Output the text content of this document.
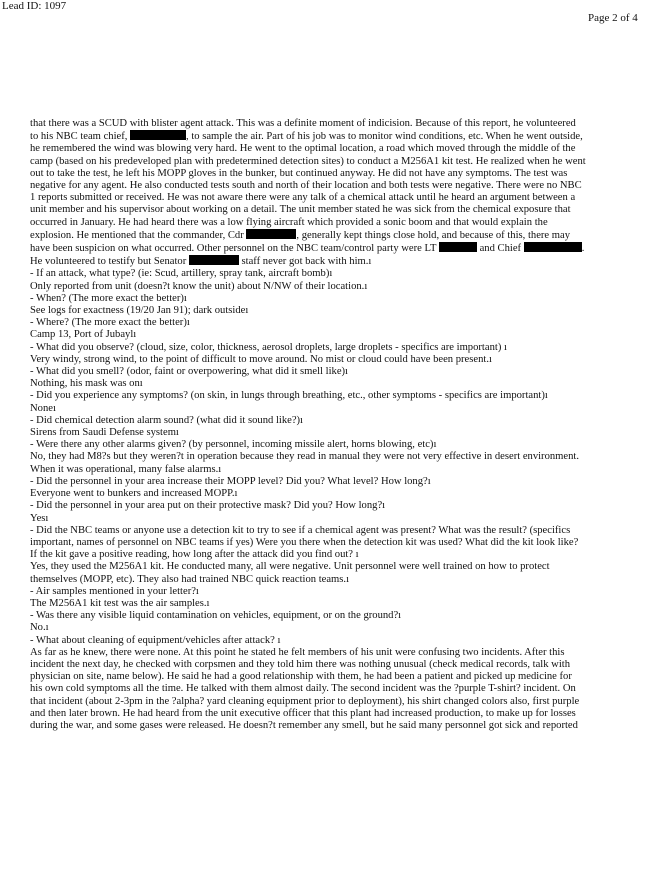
Lead ID: 1097
Page 2 of 4

that there was a SCUD with blister agent attack. This was a definite moment of indicision. Because of this report, he volunteered to his NBC team chief,	, to sample the air. Part of his job was to monitor wind conditions, etc. When he went outside, he remembered the wind was blowing very hard. He went to the optimal location, a road which moved through the middle of the camp (based on his predeveloped plan with predetermined detection sites) to conduct a M256A1 kit test. He realized when he went out to take the test, he left his MOPP gloves in the bunker, but continued anyway. He did not have any symptoms. The test was negative for any agent. He also conducted tests south and north of their location and both tests were negative. There were no NBC 1 reports submitted or received. He was not aware there were any talk of a chemical attack until he heard an argument between a unit member and his supervisor about working on a detail. The unit member stated he was sick from the chemical exposure that occurred in January. He had heard there was a low flying aircraft which provided a sonic boom and that would explain the explosion. He mentioned that the commander, Cdr	, generally kept things close hold, and because of this, there may have been suspicion on what occurred. Other personnel on the NBC team/control party were LT	and Chief	. He volunteered to testify but Senator	staff never got back with him.ı

- If an attack, what type? (ie: Scud, artillery, spray tank, aircraft bomb)ı

Only reported from unit (doesn?t know the unit) about N/NW of their location.ı

- When? (The more exact the better)ı

See logs for exactness (19/20 Jan 91); dark outsideı

- Where? (The more exact the better)ı

Camp 13, Port of Jubaylı

- What did you observe? (cloud, size, color, thickness, aerosol droplets, large droplets - specifics are important) ı

Very windy, strong wind, to the point of difficult to move around. No mist or cloud could have been present.ı

- What did you smell? (odor, faint or overpowering, what did it smell like)ı

Nothing, his mask was onı

- Did you experience any symptoms? (on skin, in lungs through breathing, etc., other symptoms - specifics are important)ı

Noneı

- Did chemical detection alarm sound? (what did it sound like?)ı

Sirens from Saudi Defense systemı

- Were there any other alarms given? (by personnel, incoming missile alert, horns blowing, etc)ı

No, they had M8?s but they weren?t in operation because they read in manual they were not very effective in desert environment. When it was operational, many false alarms.ı

- Did the personnel in your area increase their MOPP level? Did you? What level? How long?ı

Everyone went to bunkers and increased MOPP.ı

- Did the personnel in your area put on their protective mask? Did you? How long?ı

Yesı

- Did the NBC teams or anyone use a detection kit to try to see if a chemical agent was present? What was the result? (specifics important, names of personnel on NBC teams if yes) Were you there when the detection kit was used? What did the kit look like? If the kit gave a positive reading, how long after the attack did you find out? ı

Yes, they used the M256A1 kit. He conducted many, all were negative. Unit personnel were well trained on how to protect themselves (MOPP, etc). They also had trained NBC quick reaction teams.ı

- Air samples mentioned in your letter?ı

The M256A1 kit test was the air samples.ı

- Was there any visible liquid contamination on vehicles, equipment, or on the ground?ı

No.ı

- What about cleaning of equipment/vehicles after attack? ı

As far as he knew, there were none. At this point he stated he felt members of his unit were confusing two incidents. After this incident the next day, he checked with corpsmen and they told him there was nothing unusual (check medical records, talk with physician on site, name below). He said he had a good relationship with them, he had been a patient and picked up medicine for his own cold symptoms all the time. He talked with them almost daily. The second incident was the ?purple T-shirt? incident. On that incident (about 2-3pm in the ?alpha? yard cleaning equipment prior to deployment), his shirt changed colors also, first purple and then later brown. He had heard from the unit executive officer that this plant had increased production, to make up for losses during the war, and some gases were released. He doesn?t remember any smell, but he said many personnel got sick and reported
